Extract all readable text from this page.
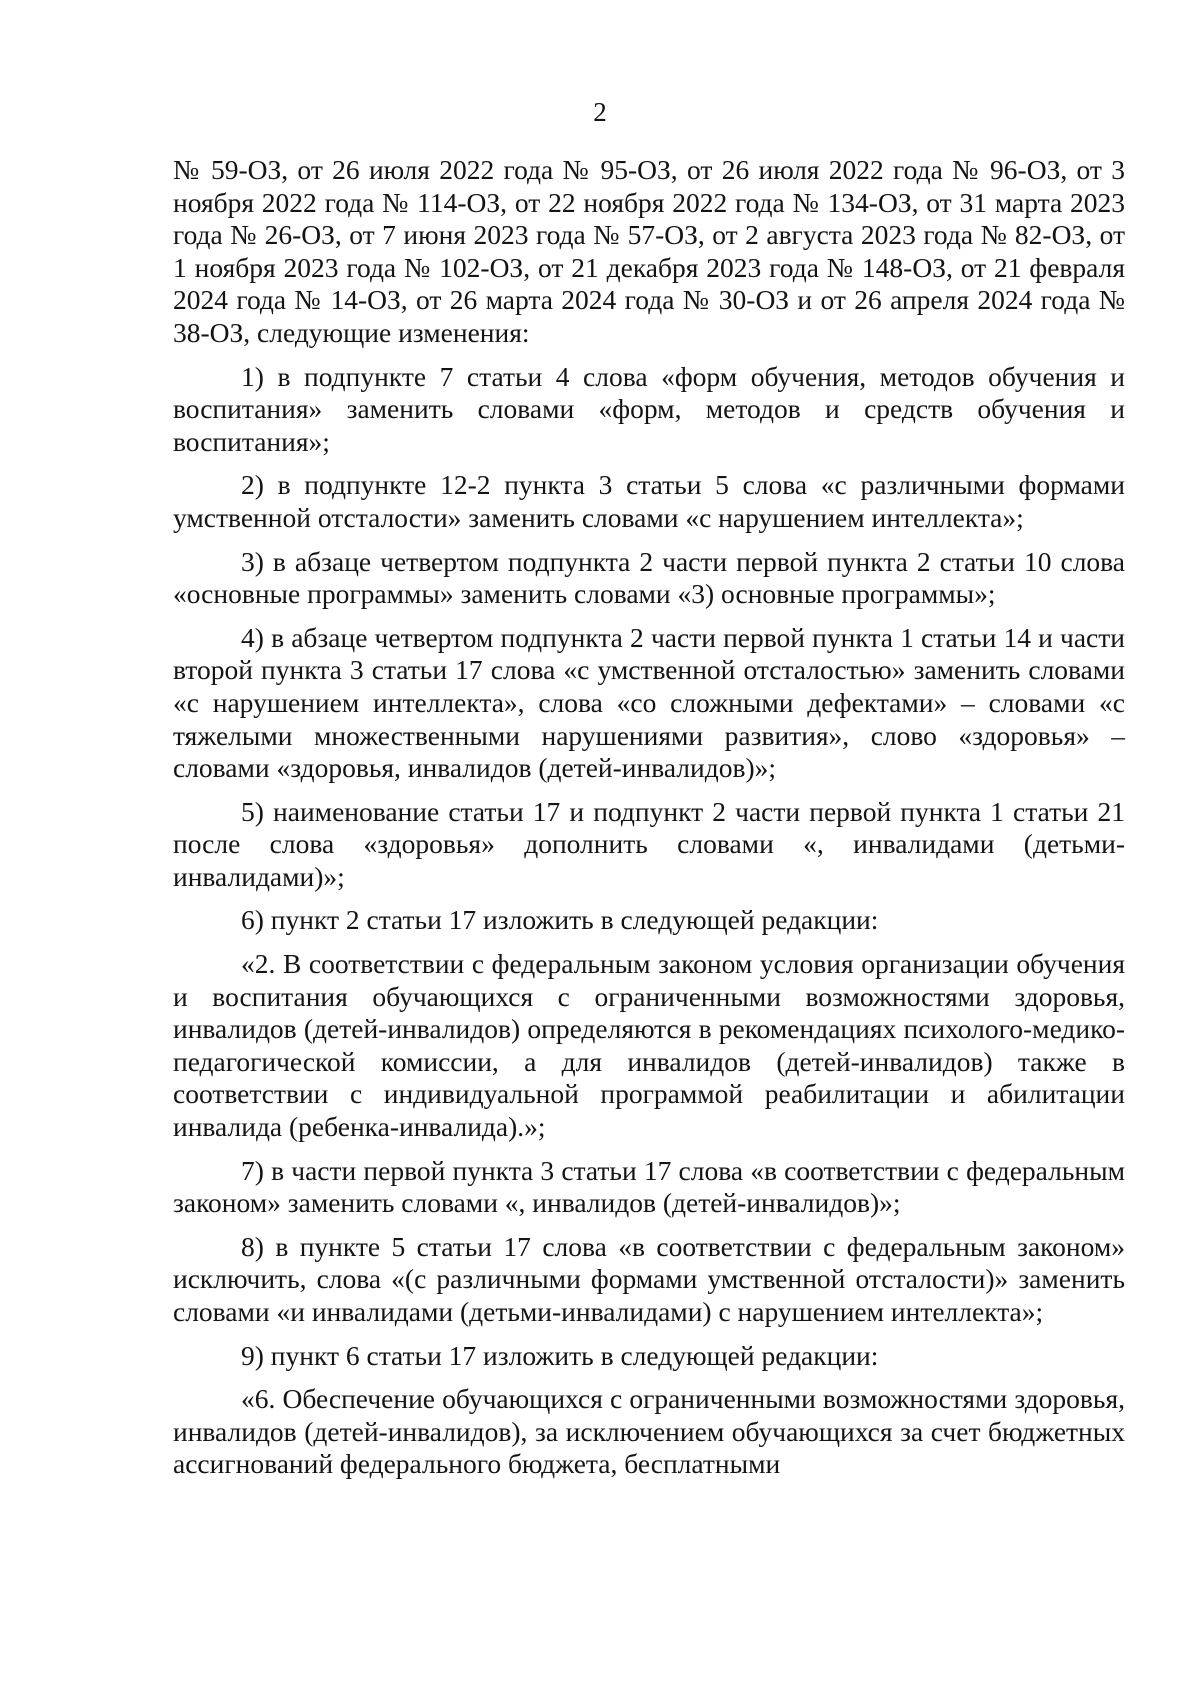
2

№ 59-ОЗ, от 26 июля 2022 года № 95-ОЗ, от 26 июля 2022 года № 96-ОЗ, от 3 ноября 2022 года № 114-ОЗ, от 22 ноября 2022 года № 134-ОЗ, от 31 марта 2023 года № 26-ОЗ, от 7 июня 2023 года № 57-ОЗ, от 2 августа 2023 года № 82-ОЗ, от 1 ноября 2023 года № 102-ОЗ, от 21 декабря 2023 года № 148-ОЗ, от 21 февраля 2024 года № 14-ОЗ, от 26 марта 2024 года № 30-ОЗ и от 26 апреля 2024 года № 38-ОЗ, следующие изменения:

1) в подпункте 7 статьи 4 слова «форм обучения, методов обучения и воспитания» заменить словами «форм, методов и средств обучения и воспитания»;

2) в подпункте 12-2 пункта 3 статьи 5 слова «с различными формами умственной отсталости» заменить словами «с нарушением интеллекта»;

3) в абзаце четвертом подпункта 2 части первой пункта 2 статьи 10 слова «основные программы» заменить словами «3) основные программы»;

4) в абзаце четвертом подпункта 2 части первой пункта 1 статьи 14 и части второй пункта 3 статьи 17 слова «с умственной отсталостью» заменить словами «с нарушением интеллекта», слова «со сложными дефектами» – словами «с тяжелыми множественными нарушениями развития», слово «здоровья» – словами «здоровья, инвалидов (детей-инвалидов)»;

5) наименование статьи 17 и подпункт 2 части первой пункта 1 статьи 21 после слова «здоровья» дополнить словами «, инвалидами (детьми-инвалидами)»;

6) пункт 2 статьи 17 изложить в следующей редакции:

«2. В соответствии с федеральным законом условия организации обучения и воспитания обучающихся с ограниченными возможностями здоровья, инвалидов (детей-инвалидов) определяются в рекомендациях психолого-медико-педагогической комиссии, а для инвалидов (детей-инвалидов) также в соответствии с индивидуальной программой реабилитации и абилитации инвалида (ребенка-инвалида).»;

7) в части первой пункта 3 статьи 17 слова «в соответствии с федеральным законом» заменить словами «, инвалидов (детей-инвалидов)»;

8) в пункте 5 статьи 17 слова «в соответствии с федеральным законом» исключить, слова «(с различными формами умственной отсталости)» заменить словами «и инвалидами (детьми-инвалидами) с нарушением интеллекта»;

9) пункт 6 статьи 17 изложить в следующей редакции:

«6. Обеспечение обучающихся с ограниченными возможностями здоровья, инвалидов (детей-инвалидов), за исключением обучающихся за счет бюджетных ассигнований федерального бюджета, бесплатными
